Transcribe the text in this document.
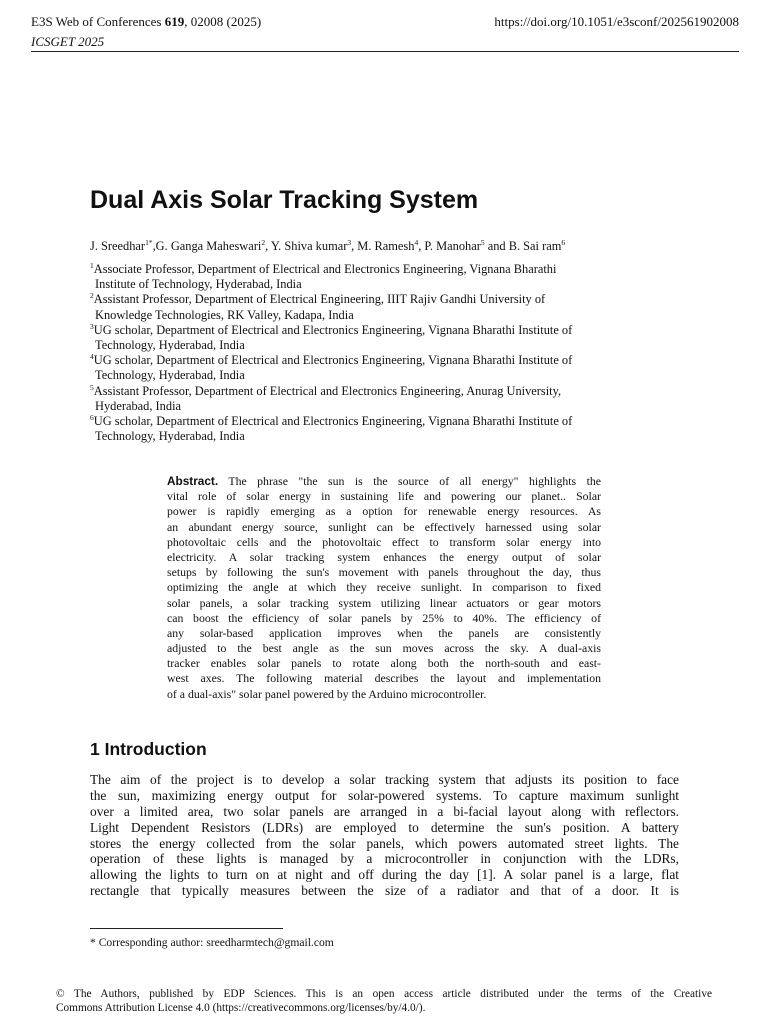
E3S Web of Conferences 619, 02008 (2025)
ICSGET 2025
https://doi.org/10.1051/e3sconf/202561902008
Dual Axis Solar Tracking System
J. Sreedhar$^{1*}$,G. Ganga Maheswari$^2$, Y. Shiva kumar$^3$, M. Ramesh$^4$, P. Manohar$^5$ and B. Sai ram$^6$
$^1$Associate Professor, Department of Electrical and Electronics Engineering, Vignana Bharathi
Institute of Technology, Hyderabad, India
$^2$Assistant Professor, Department of Electrical Engineering, IIIT Rajiv Gandhi University of
Knowledge Technologies, RK Valley, Kadapa, India
$^3$UG scholar, Department of Electrical and Electronics Engineering, Vignana Bharathi Institute of
Technology, Hyderabad, India
$^4$UG scholar, Department of Electrical and Electronics Engineering, Vignana Bharathi Institute of
Technology, Hyderabad, India
$^5$Assistant Professor, Department of Electrical and Electronics Engineering, Anurag University,
Hyderabad, India
$^6$UG scholar, Department of Electrical and Electronics Engineering, Vignana Bharathi Institute of
Technology, Hyderabad, India
Abstract. The phrase "the sun is the source of all energy" highlights the
vital role of solar energy in sustaining life and powering our planet.. Solar
power is rapidly emerging as a option for renewable energy resources. As
an abundant energy source, sunlight can be effectively harnessed using solar
photovoltaic cells and the photovoltaic effect to transform solar energy into
electricity. A solar tracking system enhances the energy output of solar
setups by following the sun's movement with panels throughout the day, thus
optimizing the angle at which they receive sunlight. In comparison to fixed
solar panels, a solar tracking system utilizing linear actuators or gear motors
can boost the efficiency of solar panels by 25% to 40%. The efficiency of
any solar-based application improves when the panels are consistently
adjusted to the best angle as the sun moves across the sky. A dual-axis
tracker enables solar panels to rotate along both the north-south and east-
west axes. The following material describes the layout and implementation
of a dual-axis" solar panel powered by the Arduino microcontroller.
1 Introduction
The aim of the project is to develop a solar tracking system that adjusts its position to face
the sun, maximizing energy output for solar-powered systems. To capture maximum sunlight
over a limited area, two solar panels are arranged in a bi-facial layout along with reflectors.
Light Dependent Resistors (LDRs) are employed to determine the sun's position. A battery
stores the energy collected from the solar panels, which powers automated street lights. The
operation of these lights is managed by a microcontroller in conjunction with the LDRs,
allowing the lights to turn on at night and off during the day [1]. A solar panel is a large, flat
rectangle that typically measures between the size of a radiator and that of a door. It is
* Corresponding author: sreedharmtech@gmail.com
© The Authors, published by EDP Sciences. This is an open access article distributed under the terms of the Creative
Commons Attribution License 4.0 (https://creativecommons.org/licenses/by/4.0/).
